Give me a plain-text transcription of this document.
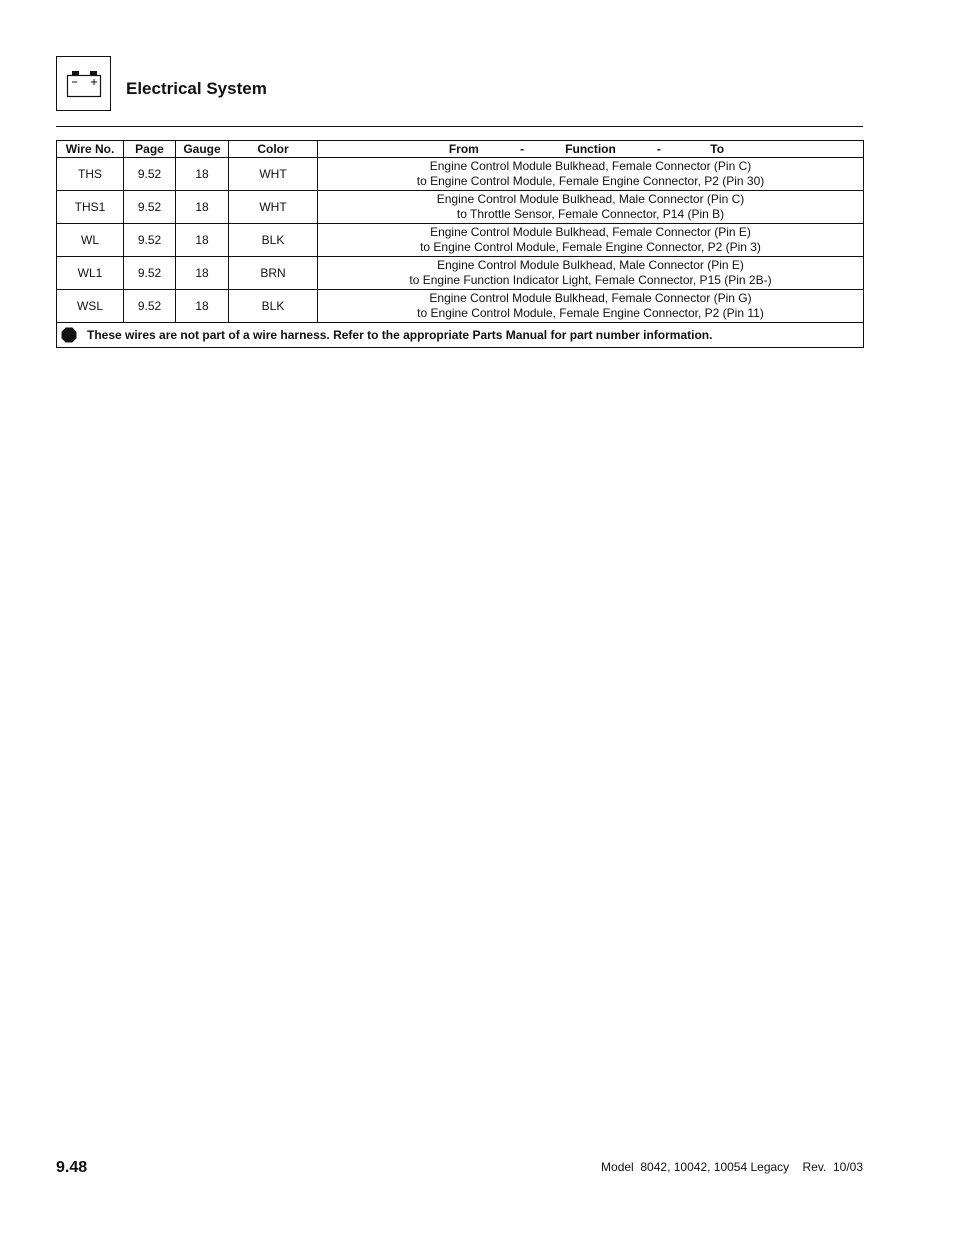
Electrical System
Wire No.	Page	Gauge	Color	From - Function - To
THS	9.52	18	WHT	Engine Control Module Bulkhead, Female Connector (Pin C)
to Engine Control Module, Female Engine Connector, P2 (Pin 30)

THS1	9.52	18	WHT	Engine Control Module Bulkhead, Male Connector (Pin C)
to Throttle Sensor, Female Connector, P14 (Pin B)

WL	9.52	18	BLK	Engine Control Module Bulkhead, Female Connector (Pin E)
to Engine Control Module, Female Engine Connector, P2 (Pin 3)

WL1	9.52	18	BRN	Engine Control Module Bulkhead, Male Connector (Pin E)
to Engine Function Indicator Light, Female Connector, P15 (Pin 2B-)

WSL	9.52	18	BLK	Engine Control Module Bulkhead, Female Connector (Pin G)
to Engine Control Module, Female Engine Connector, P2 (Pin 11)

These wires are not part of a wire harness. Refer to the appropriate Parts Manual for part number information.				
9.48	Model  8042, 10042, 10054 Legacy    Rev.  10/03
